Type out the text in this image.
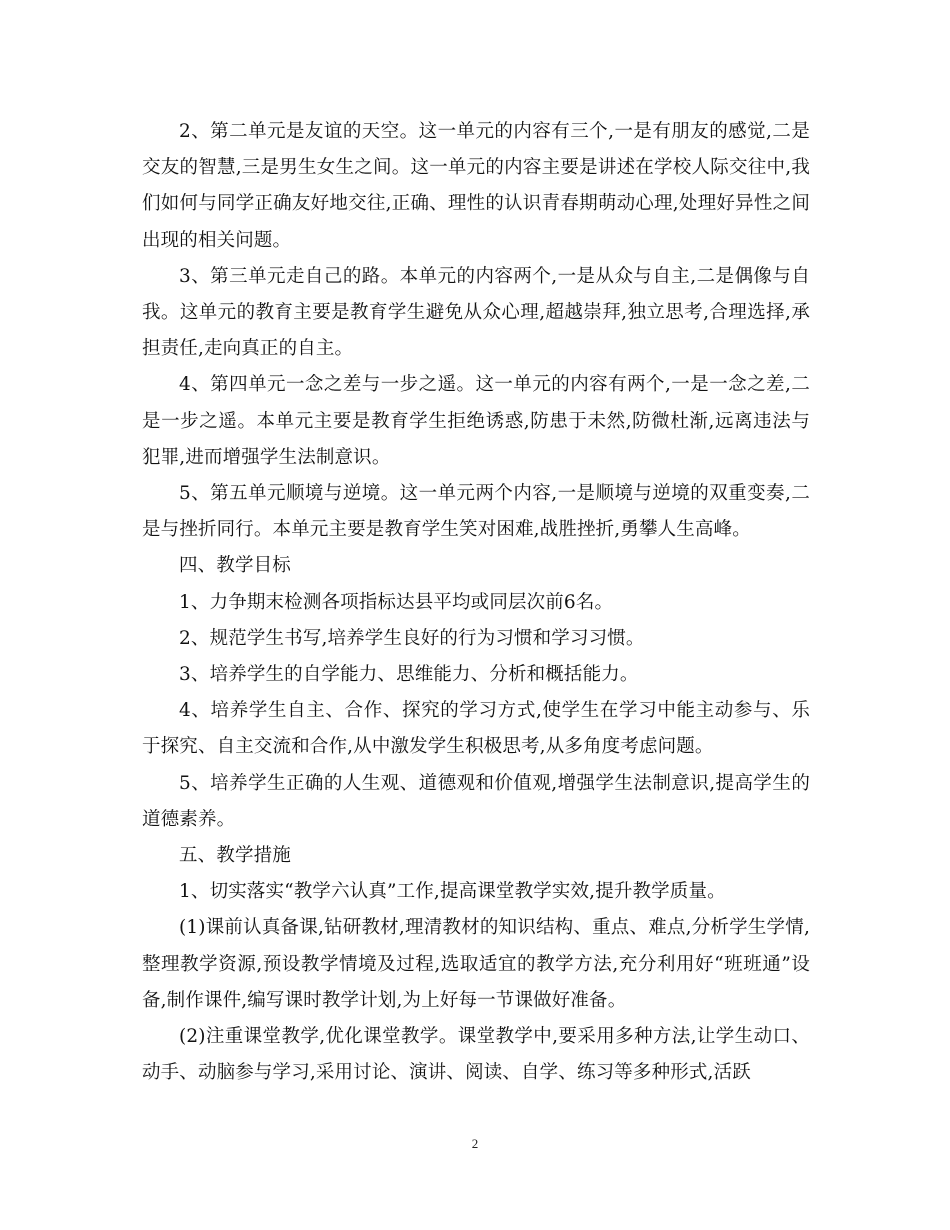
2、第二单元是友谊的天空。这一单元的内容有三个,一是有朋友的感觉,二是交友的智慧,三是男生女生之间。这一单元的内容主要是讲述在学校人际交往中,我们如何与同学正确友好地交往,正确、理性的认识青春期萌动心理,处理好异性之间出现的相关问题。

3、第三单元走自己的路。本单元的内容两个,一是从众与自主,二是偶像与自我。这单元的教育主要是教育学生避免从众心理,超越崇拜,独立思考,合理选择,承担责任,走向真正的自主。

4、第四单元一念之差与一步之遥。这一单元的内容有两个,一是一念之差,二是一步之遥。本单元主要是教育学生拒绝诱惑,防患于未然,防微杜渐,远离违法与犯罪,进而增强学生法制意识。

5、第五单元顺境与逆境。这一单元两个内容,一是顺境与逆境的双重变奏,二是与挫折同行。本单元主要是教育学生笑对困难,战胜挫折,勇攀人生高峰。

四、教学目标

1、力争期末检测各项指标达县平均或同层次前6名。

2、规范学生书写,培养学生良好的行为习惯和学习习惯。

3、培养学生的自学能力、思维能力、分析和概括能力。

4、培养学生自主、合作、探究的学习方式,使学生在学习中能主动参与、乐于探究、自主交流和合作,从中激发学生积极思考,从多角度考虑问题。

5、培养学生正确的人生观、道德观和价值观,增强学生法制意识,提高学生的道德素养。

五、教学措施

1、切实落实“教学六认真”工作,提高课堂教学实效,提升教学质量。

(1)课前认真备课,钻研教材,理清教材的知识结构、重点、难点,分析学生学情,整理教学资源,预设教学情境及过程,选取适宜的教学方法,充分利用好“班班通”设备,制作课件,编写课时教学计划,为上好每一节课做好准备。

(2)注重课堂教学,优化课堂教学。课堂教学中,要采用多种方法,让学生动口、动手、动脑参与学习,采用讨论、演讲、阅读、自学、练习等多种形式,活跃

2
